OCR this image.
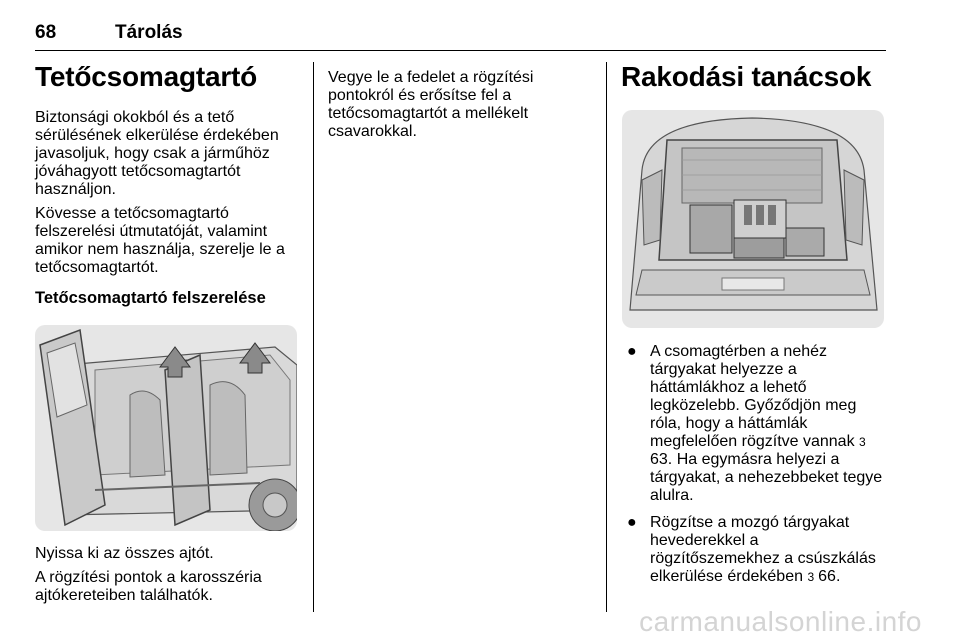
68	Tárolás
Tetőcsomagtartó

Biztonsági okokból és a tető sérülésének elkerülése érdekében javasoljuk, hogy csak a járműhöz jóváhagyott tetőcsomagtartót használjon.

Kövesse a tetőcsomagtartó felszerelési útmutatóját, valamint amikor nem használja, szerelje le a tetőcsomagtartót.

Tetőcsomagtartó felszerelése

Nyissa ki az összes ajtót.

A rögzítési pontok a karosszéria ajtókereteiben találhatók.

Vegye le a fedelet a rögzítési pontokról és erősítse fel a tetőcsomagtartót a mellékelt csavarokkal.

Rakodási tanácsok
● A csomagtérben a nehéz tárgyakat helyezze a háttámlákhoz a lehető legközelebb. Győződjön meg róla, hogy a háttámlák megfelelően rögzítve vannak 363. Ha egymásra helyezi a tárgyakat, a nehezebbeket tegye alulra.
● Rögzítse a mozgó tárgyakat hevederekkel a rögzítőszemekhez a csúszkálás elkerülése érdekében 3 66.
carmanualsonline.info
